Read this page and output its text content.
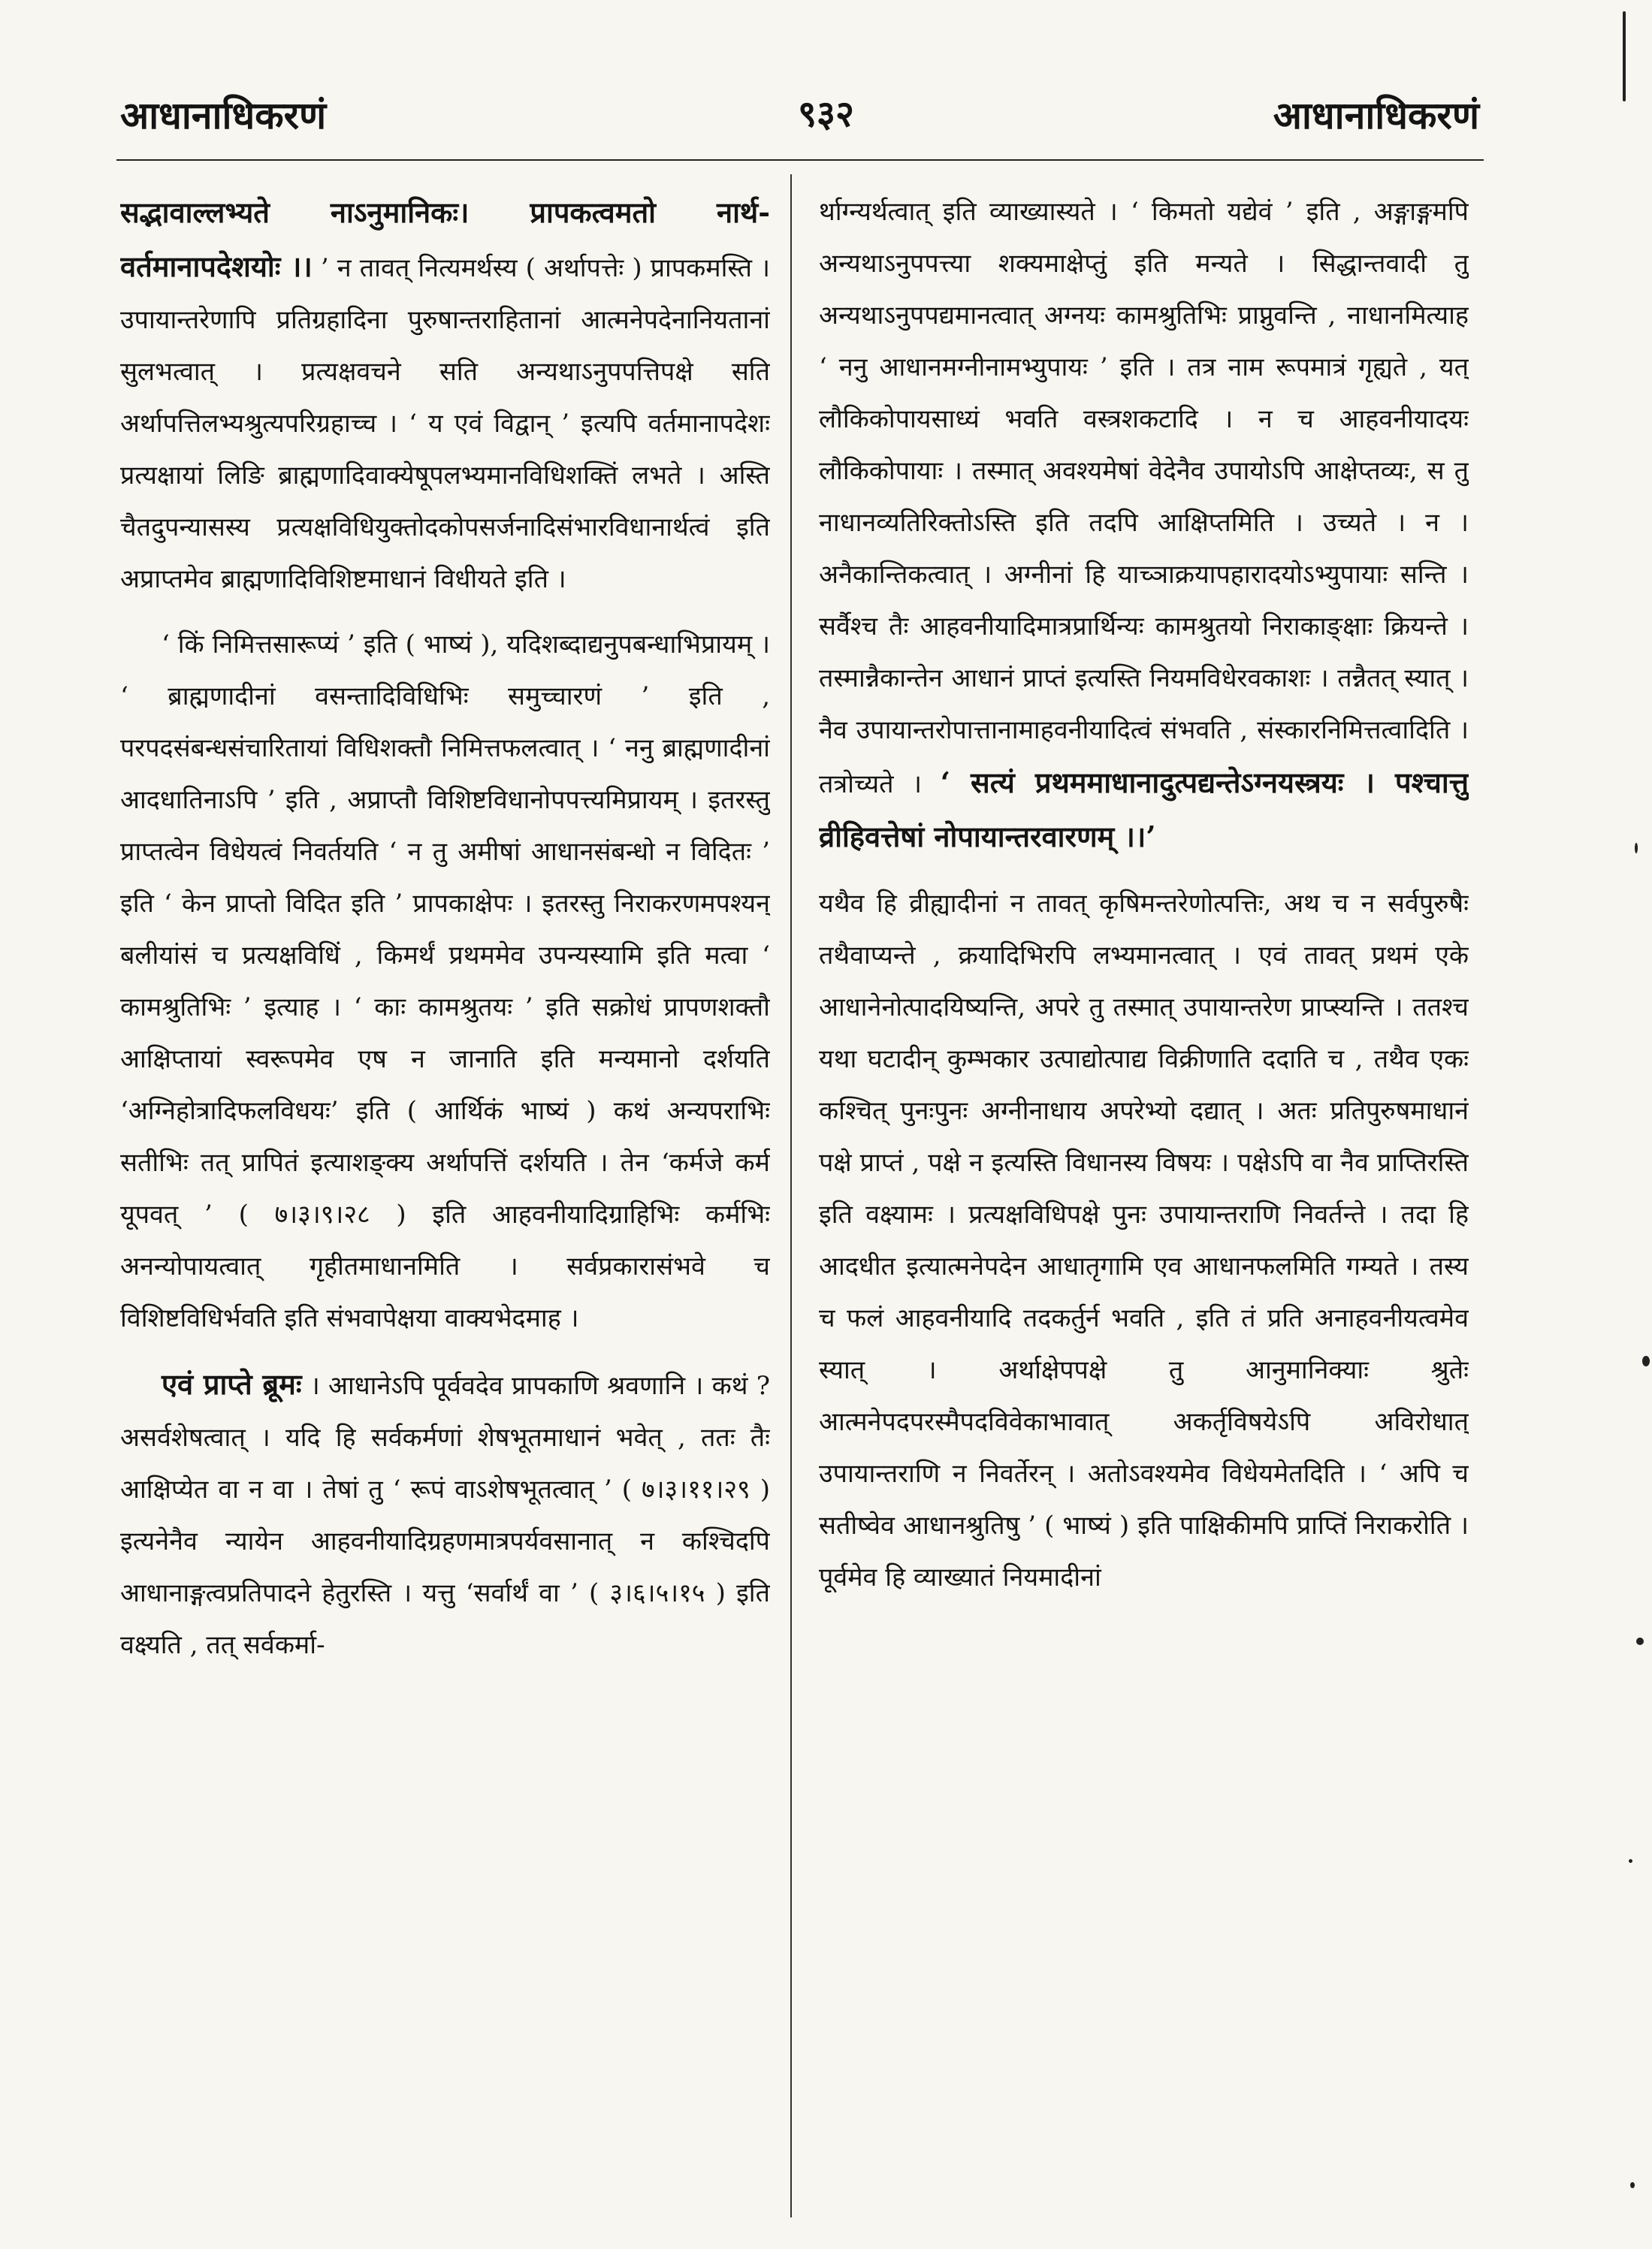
आधानाधिकरणं	९३२	आधानाधिकरणं

सद्भावाल्लभ्यते नाऽनुमानिकः। प्रापकत्वमतो नार्थ- वर्तमानापदेशयोः ।। ’ न तावत् नित्यमर्थस्य ( अर्थापत्तेः ) प्रापकमस्ति । उपायान्तरेणापि प्रतिग्रहादिना पुरुषान्तराहितानां आत्मनेपदेनानियतानां सुलभत्वात् । प्रत्यक्षवचने सति अन्यथाऽनुपपत्तिपक्षे सति अर्थापत्तिलभ्यश्रुत्यपरिग्रहाच्च । ‘ य एवं विद्वान् ’ इत्यपि वर्तमानापदेशः प्रत्यक्षायां लिङि ब्राह्मणादिवाक्येषूपलभ्यमानविधिशक्तिं लभते । अस्ति चैतदुपन्यासस्य प्रत्यक्षविधियुक्तोदकोपसर्जनादिसंभारविधानार्थत्वं इति अप्राप्तमेव ब्राह्मणादिविशिष्टमाधानं विधीयते इति ।

‘ किं निमित्तसारूप्यं ’ इति ( भाष्यं ), यदिशब्दाद्यनुपबन्धाभिप्रायम् । ‘ ब्राह्मणादीनां वसन्तादिविधिभिः समुच्चारणं ’ इति , परपदसंबन्धसंचारितायां विधिशक्तौ निमित्तफलत्वात् । ‘ ननु ब्राह्मणादीनां आदधातिनाऽपि ’ इति , अप्राप्तौ विशिष्टविधानोपपत्त्यमिप्रायम् । इतरस्तु प्राप्तत्वेन विधेयत्वं निवर्तयति ‘ न तु अमीषां आधानसंबन्धो न विदितः ’ इति ‘ केन प्राप्तो विदित इति ’ प्रापकाक्षेपः । इतरस्तु निराकरणमपश्यन् बलीयांसं च प्रत्यक्षविधिं , किमर्थं प्रथममेव उपन्यस्यामि इति मत्वा ‘ कामश्रुतिभिः ’ इत्याह । ‘ काः कामश्रुतयः ’ इति सक्रोधं प्रापणशक्तौ आक्षिप्तायां स्वरूपमेव एष न जानाति इति मन्यमानो दर्शयति ‘अग्निहोत्रादिफलविधयः’ इति ( आर्थिकं भाष्यं ) कथं अन्यपराभिः सतीभिः तत् प्रापितं इत्याशङ्क्य अर्थापत्तिं दर्शयति । तेन ‘कर्मजे कर्म यूपवत् ’ ( ७।३।९।२८ ) इति आहवनीयादिग्राहिभिः कर्मभिः अनन्योपायत्वात् गृहीतमाधानमिति । सर्वप्रकारासंभवे च विशिष्टविधिर्भवति इति संभवापेक्षया वाक्यभेदमाह ।

एवं प्राप्ते ब्रूमः । आधानेऽपि पूर्ववदेव प्रापकाणि श्रवणानि । कथं ? असर्वशेषत्वात् । यदि हि सर्वकर्मणां शेषभूतमाधानं भवेत् , ततः तैः आक्षिप्येत वा न वा । तेषां तु ‘ रूपं वाऽशेषभूतत्वात् ’ ( ७।३।११।२९ ) इत्यनेनैव न्यायेन आहवनीयादिग्रहणमात्रपर्यवसानात् न कश्चिदपि आधानाङ्गत्वप्रतिपादने हेतुरस्ति । यत्तु ‘सर्वार्थं वा ’ ( ३।६।५।१५ ) इति वक्ष्यति , तत् सर्वकर्मा-

र्थाग्न्यर्थत्वात् इति व्याख्यास्यते । ‘ किमतो यद्येवं ’ इति , अङ्गाङ्गमपि अन्यथाऽनुपपत्त्या शक्यमाक्षेप्तुं इति मन्यते । सिद्धान्तवादी तु अन्यथाऽनुपपद्यमानत्वात् अग्नयः कामश्रुतिभिः प्राप्नुवन्ति , नाधानमित्याह ‘ ननु आधानमग्नीनामभ्युपायः ’ इति । तत्र नाम रूपमात्रं गृह्यते , यत् लौकिकोपायसाध्यं भवति वस्त्रशकटादि । न च आहवनीयादयः लौकिकोपायाः । तस्मात् अवश्यमेषां वेदेनैव उपायोऽपि आक्षेप्तव्यः, स तु नाधानव्यतिरिक्तोऽस्ति इति तदपि आक्षिप्तमिति । उच्यते । न । अनैकान्तिकत्वात् । अग्नीनां हि याच्ञाक्रयापहारादयोऽभ्युपायाः सन्ति । सर्वैश्च तैः आहवनीयादिमात्रप्रार्थिन्यः कामश्रुतयो निराकाङ्क्षाः क्रियन्ते । तस्मान्नैकान्तेन आधानं प्राप्तं इत्यस्ति नियमविधेरवकाशः । तन्नैतत् स्यात् । नैव उपायान्तरोपात्तानामाहवनीयादित्वं संभवति , संस्कारनिमित्तत्वादिति । तत्रोच्यते । ‘ सत्यं प्रथममाधानादुत्पद्यन्तेऽग्नयस्त्रयः । पश्चात्तु व्रीहिवत्तेषां नोपायान्तरवारणम् ।।’

यथैव हि व्रीह्यादीनां न तावत् कृषिमन्तरेणोत्पत्तिः, अथ च न सर्वपुरुषैः तथैवाप्यन्ते , क्रयादिभिरपि लभ्यमानत्वात् । एवं तावत् प्रथमं एके आधानेनोत्पादयिष्यन्ति, अपरे तु तस्मात् उपायान्तरेण प्राप्स्यन्ति । ततश्च यथा घटादीन् कुम्भकार उत्पाद्योत्पाद्य विक्रीणाति ददाति च , तथैव एकः कश्चित् पुनःपुनः अग्नीनाधाय अपरेभ्यो दद्यात् । अतः प्रतिपुरुषमाधानं पक्षे प्राप्तं , पक्षे न इत्यस्ति विधानस्य विषयः । पक्षेऽपि वा नैव प्राप्तिरस्ति इति वक्ष्यामः । प्रत्यक्षविधिपक्षे पुनः उपायान्तराणि निवर्तन्ते । तदा हि आदधीत इत्यात्मनेपदेन आधातृगामि एव आधानफलमिति गम्यते । तस्य च फलं आहवनीयादि तदकर्तुर्न भवति , इति तं प्रति अनाहवनीयत्वमेव स्यात् । अर्थाक्षेपपक्षे तु आनुमानिक्याः श्रुतेः आत्मनेपदपरस्मैपदविवेकाभावात् अकर्तृविषयेऽपि अविरोधात् उपायान्तराणि न निवर्तेरन् । अतोऽवश्यमेव विधेयमेतदिति । ‘ अपि च सतीष्वेव आधानश्रुतिषु ’ ( भाष्यं ) इति पाक्षिकीमपि प्राप्तिं निराकरोति । पूर्वमेव हि व्याख्यातं नियमादीनां
